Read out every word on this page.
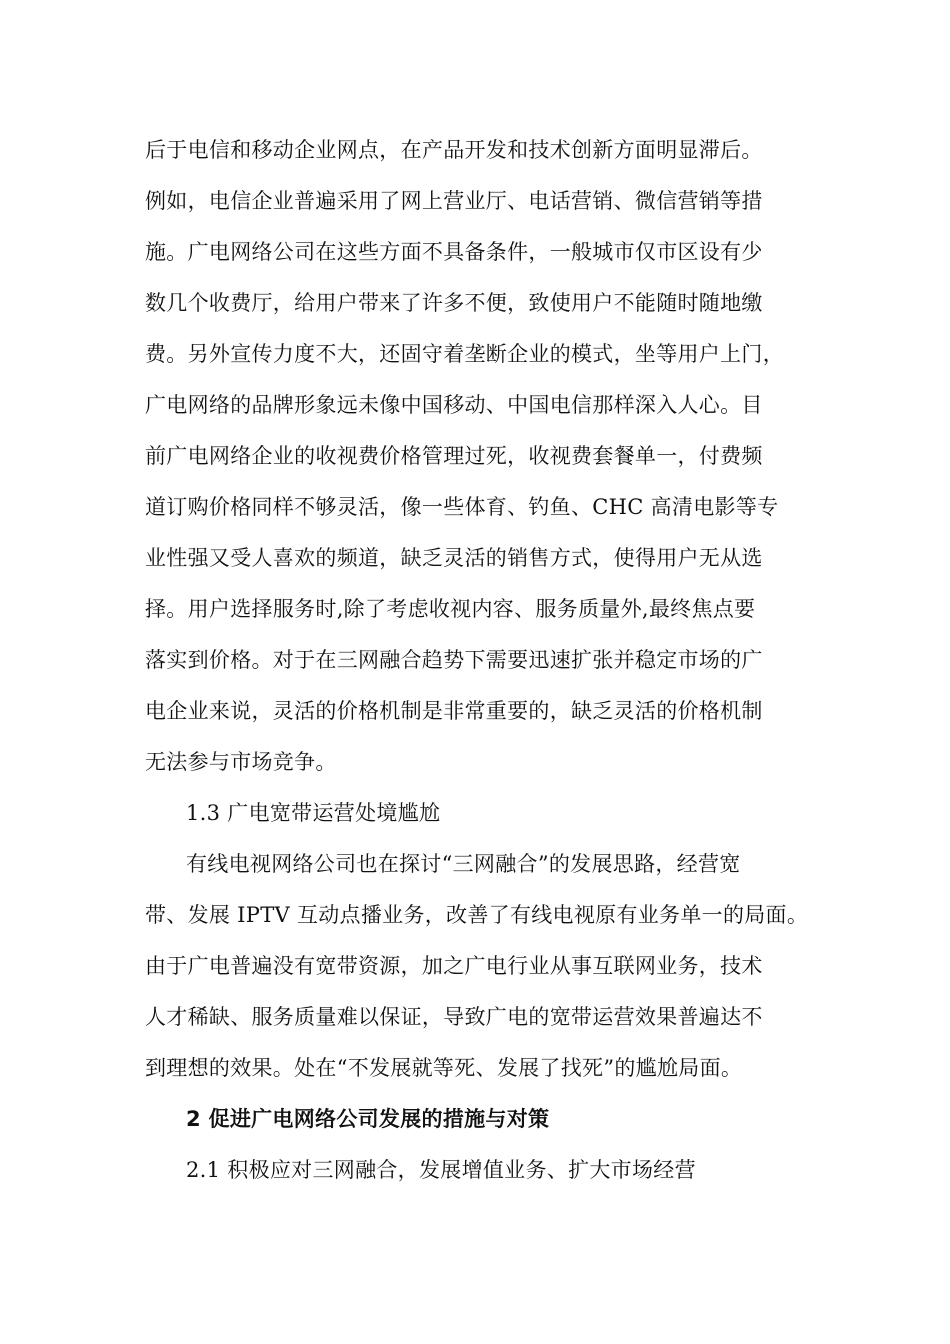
后于电信和移动企业网点，在产品开发和技术创新方面明显滞后。
例如，电信企业普遍采用了网上营业厅、电话营销、微信营销等措
施。广电网络公司在这些方面不具备条件，一般城市仅市区设有少
数几个收费厅，给用户带来了许多不便，致使用户不能随时随地缴
费。另外宣传力度不大，还固守着垄断企业的模式，坐等用户上门，
广电网络的品牌形象远未像中国移动、中国电信那样深入人心。目
前广电网络企业的收视费价格管理过死，收视费套餐单一，付费频
道订购价格同样不够灵活，像一些体育、钓鱼、CHC 高清电影等专
业性强又受人喜欢的频道，缺乏灵活的销售方式，使得用户无从选
择。用户选择服务时,除了考虑收视内容、服务质量外,最终焦点要
落实到价格。对于在三网融合趋势下需要迅速扩张并稳定市场的广
电企业来说，灵活的价格机制是非常重要的，缺乏灵活的价格机制
无法参与市场竞争。
1.3 广电宽带运营处境尴尬
有线电视网络公司也在探讨“三网融合”的发展思路，经营宽
带、发展 IPTV 互动点播业务，改善了有线电视原有业务单一的局面。
由于广电普遍没有宽带资源，加之广电行业从事互联网业务，技术
人才稀缺、服务质量难以保证，导致广电的宽带运营效果普遍达不
到理想的效果。处在“不发展就等死、发展了找死”的尴尬局面。
2 促进广电网络公司发展的措施与对策
2.1 积极应对三网融合，发展增值业务、扩大市场经营
